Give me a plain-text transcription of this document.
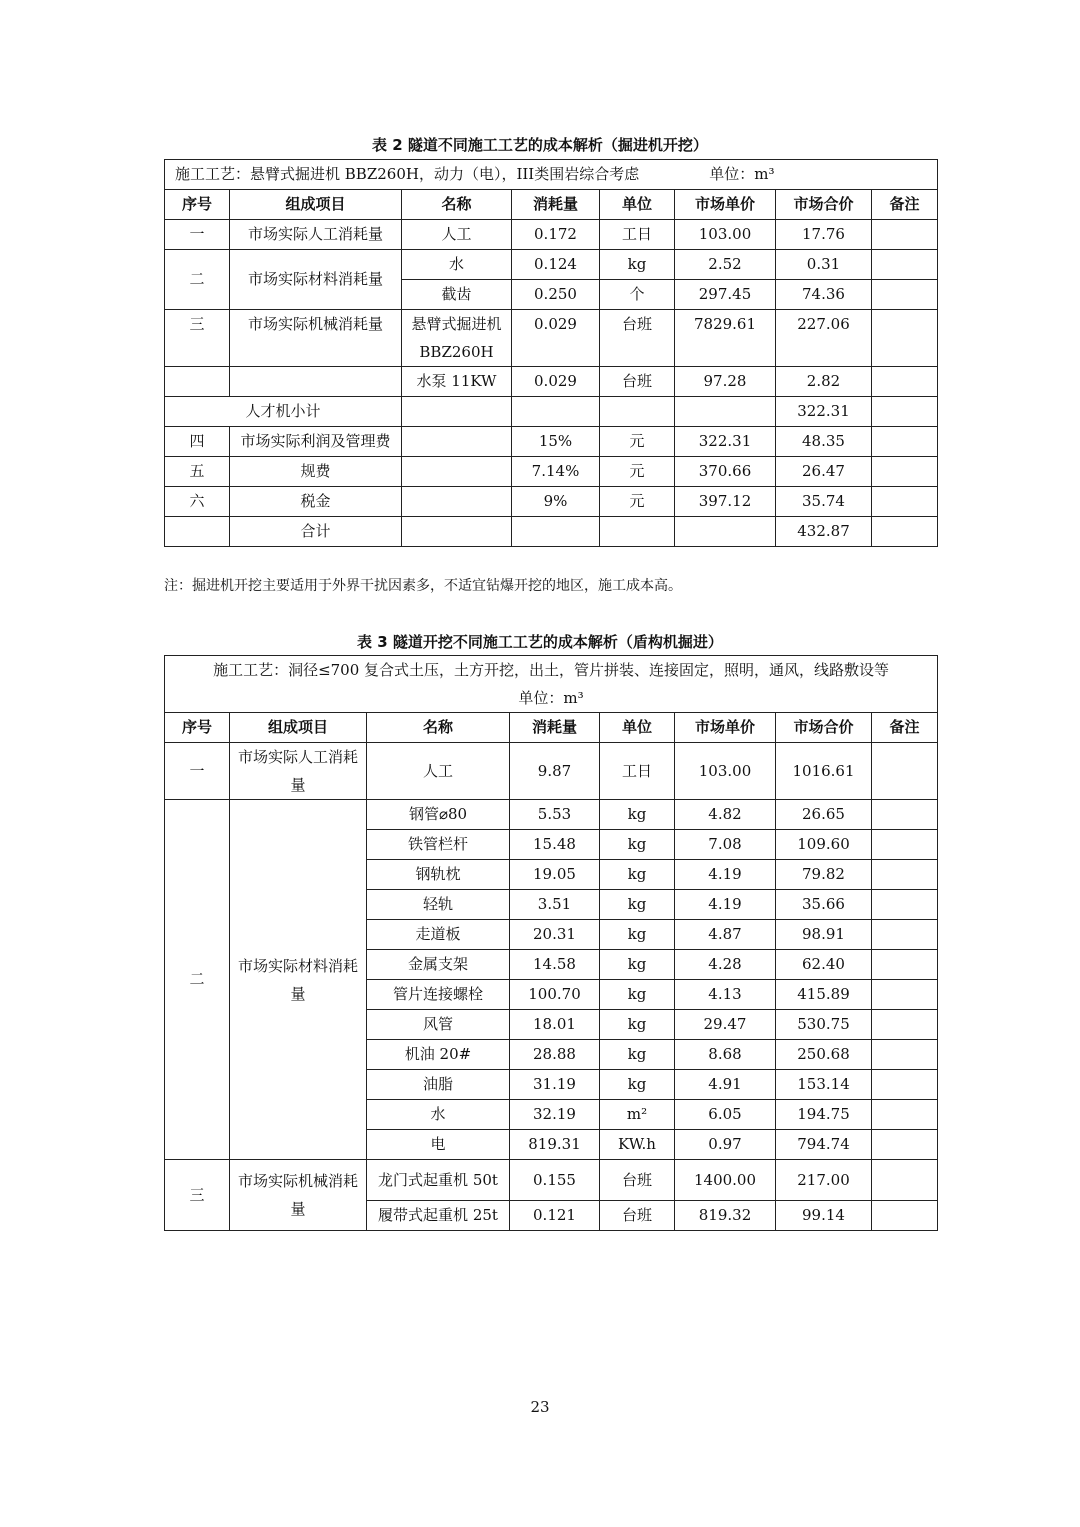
表 2 隧道不同施工工艺的成本解析（掘进机开挖）
施工工艺：悬臂式掘进机 BBZ260H，动力（电），III类围岩综合考虑 单位：m³							
序号	组成项目	名称	消耗量	单位	市场单价	市场合价	备注
一	市场实际人工消耗量	人工	0.172	工日	103.00	17.76	
二	市场实际材料消耗量	水	0.124	kg	2.52	0.31	
		截齿	0.250	个	297.45	74.36	
三	市场实际机械消耗量	悬臂式掘进机 BBZ260H	0.029	台班	7829.61	227.06	
		水泵 11KW	0.029	台班	97.28	2.82	
人才机小计						322.31	
四	市场实际利润及管理费		15%	元	322.31	48.35	
五	规费		7.14%	元	370.66	26.47	
六	税金		9%	元	397.12	35.74	
	合计					432.87	
注：掘进机开挖主要适用于外界干扰因素多，不适宜钻爆开挖的地区，施工成本高。
表 3 隧道开挖不同施工工艺的成本解析（盾构机掘进）
施工工艺：洞径≤700 复合式土压，土方开挖，出土，管片拼装、连接固定，照明，通风，线路敷设等
单位：m³							

序号	组成项目	名称	消耗量	单位	市场单价	市场合价	备注
一	市场实际人工消耗量	人工	9.87	工日	103.00	1016.61	
二	市场实际材料消耗量	钢管⌀80	5.53	kg	4.82	26.65	
		铁管栏杆	15.48	kg	7.08	109.60	
		钢轨枕	19.05	kg	4.19	79.82	
		轻轨	3.51	kg	4.19	35.66	
		走道板	20.31	kg	4.87	98.91	
		金属支架	14.58	kg	4.28	62.40	
		管片连接螺栓	100.70	kg	4.13	415.89	
		风管	18.01	kg	29.47	530.75	
		机油 20#	28.88	kg	8.68	250.68	
		油脂	31.19	kg	4.91	153.14	
		水	32.19	m²	6.05	194.75	
		电	819.31	KW.h	0.97	794.74	
三	市场实际机械消耗量	龙门式起重机 50t	0.155	台班	1400.00	217.00	
		履带式起重机 25t	0.121	台班	819.32	99.14	
23
